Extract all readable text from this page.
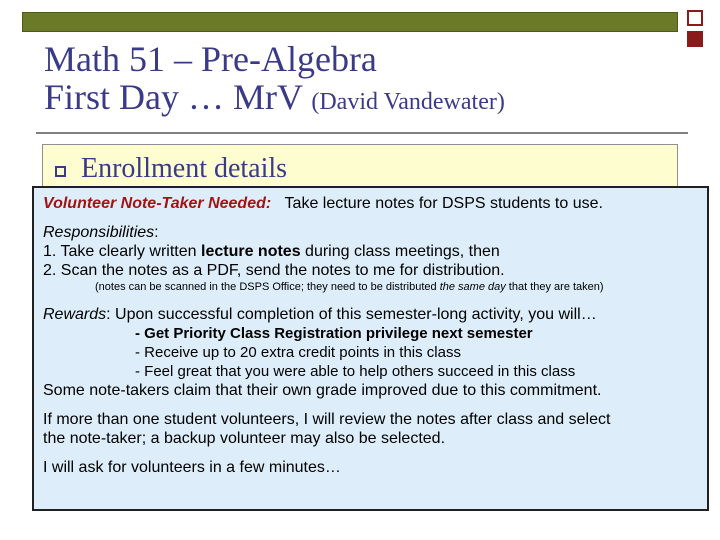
Math 51 – Pre-Algebra
First Day … MrV (David Vandewater)
Enrollment details
Volunteer Note-Taker Needed: Take lecture notes for DSPS students to use.
Responsibilities:
1. Take clearly written lecture notes during class meetings, then
2. Scan the notes as a PDF, send the notes to me for distribution.
(notes can be scanned in the DSPS Office; they need to be distributed the same day that they are taken)
Rewards: Upon successful completion of this semester-long activity, you will…
- Get Priority Class Registration privilege next semester
- Receive up to 20 extra credit points in this class
- Feel great that you were able to help others succeed in this class
Some note-takers claim that their own grade improved due to this commitment.
If more than one student volunteers, I will review the notes after class and select
the note-taker; a backup volunteer may also be selected.
I will ask for volunteers in a few minutes…
